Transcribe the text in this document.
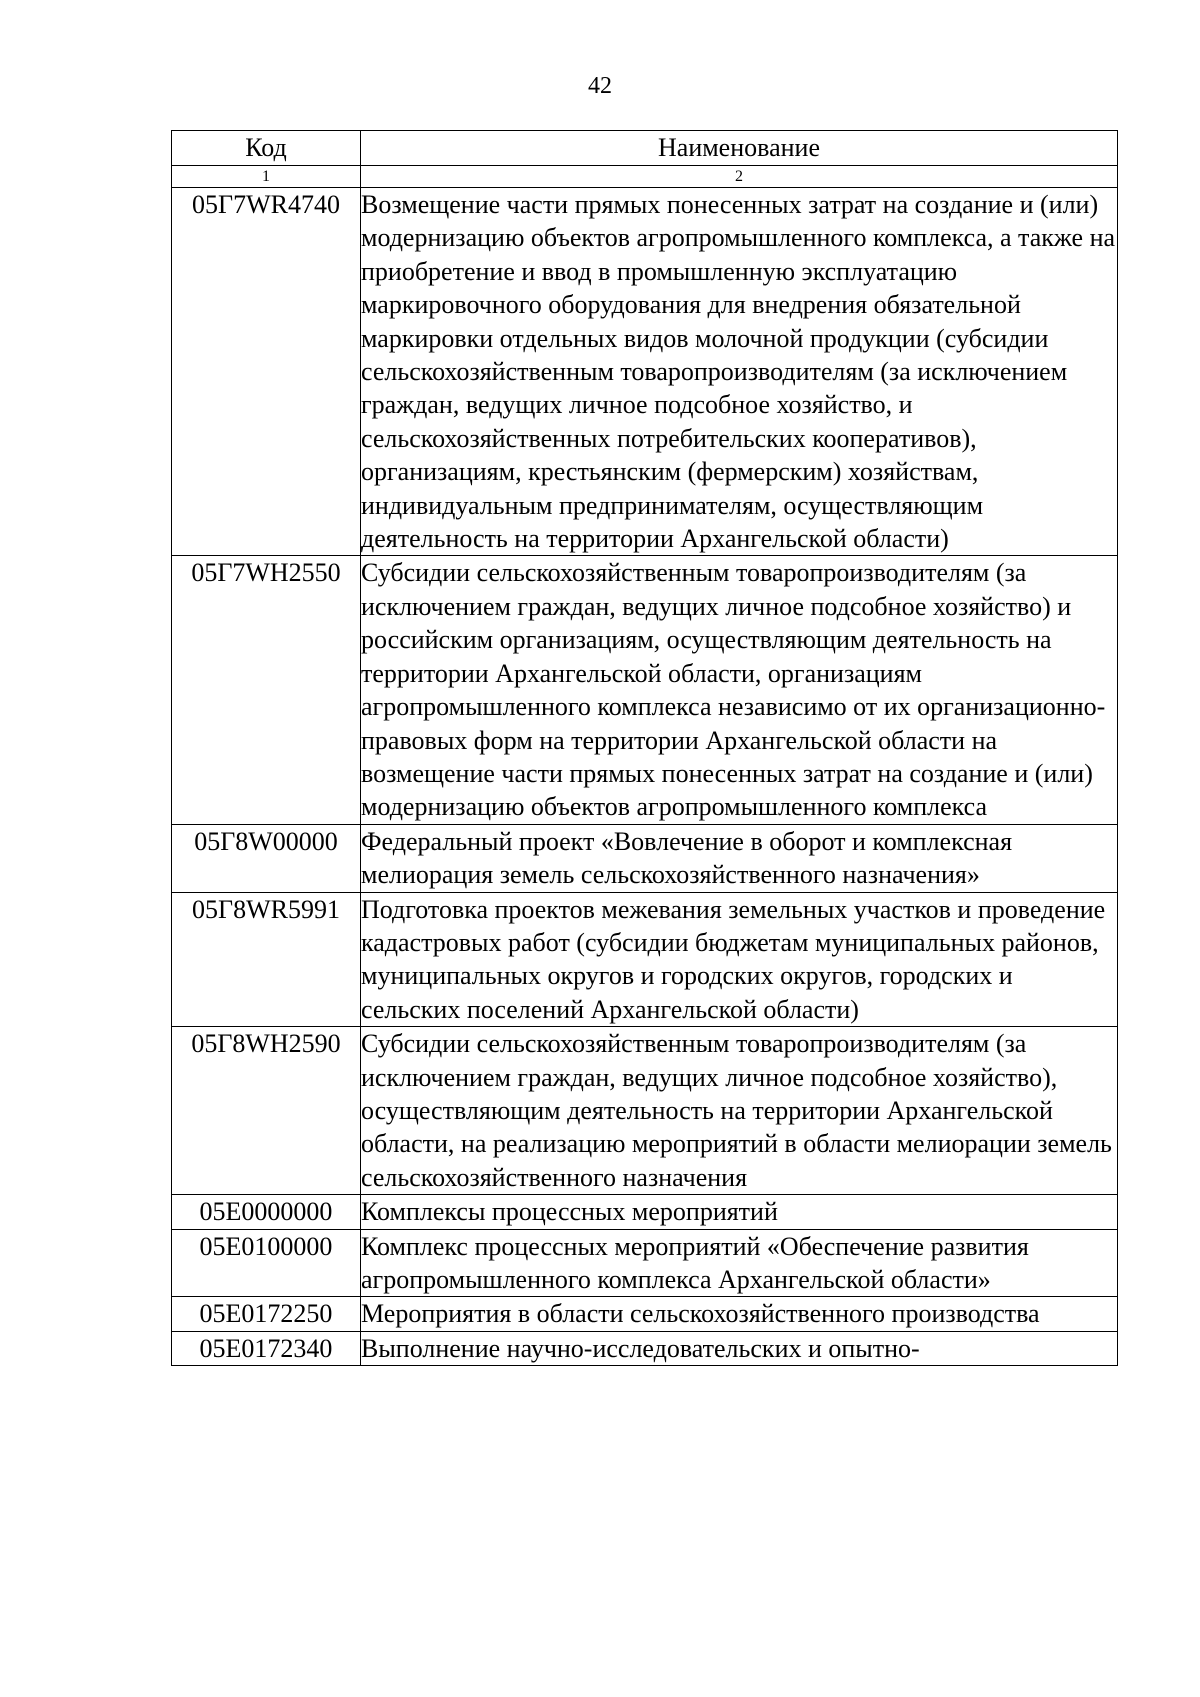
42
Код	Наименование
1	2
05Г7WR4740	Возмещение части прямых понесенных затрат на создание и (или) модернизацию объектов агропромышленного комплекса, а также на приобретение и ввод в промышленную эксплуатацию маркировочного оборудования для внедрения обязательной маркировки отдельных видов молочной продукции (субсидии сельскохозяйственным товаропроизводителям (за исключением граждан, ведущих личное подсобное хозяйство, и сельскохозяйственных потребительских кооперативов), организациям, крестьянским (фермерским) хозяйствам, индивидуальным предпринимателям, осуществляющим деятельность на территории Архангельской области)
05Г7WH2550	Субсидии сельскохозяйственным товаропроизводителям (за исключением граждан, ведущих личное подсобное хозяйство) и российским организациям, осуществляющим деятельность на территории Архангельской области, организациям агропромышленного комплекса независимо от их организационно-правовых форм на территории Архангельской области на возмещение части прямых понесенных затрат на создание и (или) модернизацию объектов агропромышленного комплекса
05Г8W00000	Федеральный проект «Вовлечение в оборот и комплексная мелиорация земель сельскохозяйственного назначения»
05Г8WR5991	Подготовка проектов межевания земельных участков и проведение кадастровых работ (субсидии бюджетам муниципальных районов, муниципальных округов и городских округов, городских и сельских поселений Архангельской области)
05Г8WH2590	Субсидии сельскохозяйственным товаропроизводителям (за исключением граждан, ведущих личное подсобное хозяйство), осуществляющим деятельность на территории Архангельской области, на реализацию мероприятий в области мелиорации земель сельскохозяйственного назначения
05Е0000000	Комплексы процессных мероприятий
05Е0100000	Комплекс процессных мероприятий «Обеспечение развития агропромышленного комплекса Архангельской области»
05Е0172250	Мероприятия в области сельскохозяйственного производства
05Е0172340	Выполнение научно-исследовательских и опытно-
